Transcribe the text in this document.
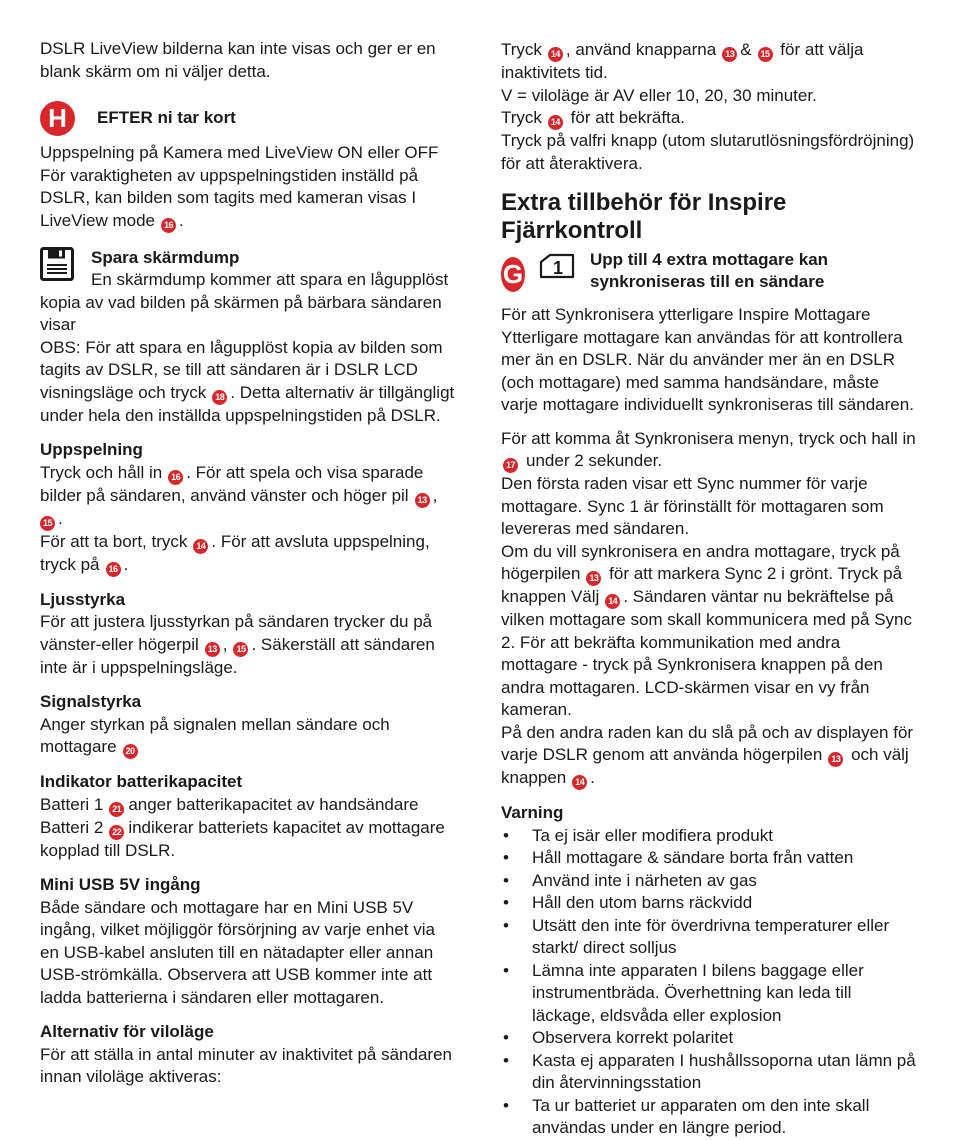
DSLR LiveView bilderna kan inte visas och ger er en blank skärm om ni väljer detta.

H	EFTER ni tar kort

Uppspelning på Kamera med LiveView ON eller OFF För varaktigheten av uppspelningstiden inställd på DSLR, kan bilden som tagits med kameran visas I LiveView mode 16 .

Spara skärmdump

En skärmdump kommer att spara en lågupplöst

kopia av vad bilden på skärmen på bärbara sändaren visar

OBS: För att spara en lågupplöst kopia av bilden som tagits av DSLR, se till att sändaren är i DSLR LCD visningsläge och tryck 18 . Detta alternativ är tillgängligt under hela den inställda uppspelningstiden på DSLR.

Uppspelning

Tryck och håll in 16 . För att spela och visa sparade bilder på sändaren, använd vänster och höger pil 13 ,
15 .
För att ta bort, tryck 14 . För att avsluta uppspelning, tryck på 16 .

Ljusstyrka

För att justera ljusstyrkan på sändaren trycker du på vänster-eller högerpil 13 , 15 . Säkerställ att sändaren inte är i uppspelningsläge.

Signalstyrka

Anger styrkan på signalen mellan sändare och mottagare 20

Indikator batterikapacitet

Batteri 1 21 anger batterikapacitet av handsändare
Batteri 2 22 indikerar batteriets kapacitet av mottagare kopplad till DSLR.

Mini USB 5V ingång

Både sändare och mottagare har en Mini USB 5V ingång, vilket möjliggör försörjning av varje enhet via en USB-kabel ansluten till en nätadapter eller annan USB-strömkälla. Observera att USB kommer inte att ladda batterierna i sändaren eller mottagaren.

Alternativ för viloläge

För att ställa in antal minuter av inaktivitet på sändaren innan viloläge aktiveras:

Tryck 14 , använd knapparna 13 & 15 för att välja inaktivitets tid.
V = viloläge är AV eller 10, 20, 30 minuter.
Tryck 14 för att bekräfta.
Tryck på valfri knapp (utom slutarutlösningsfördröjning) för att återaktivera.

Extra tillbehör för Inspire Fjärrkontroll

G 1 Upp till 4 extra mottagare kan synkroniseras till en sändare

För att Synkronisera ytterligare Inspire Mottagare Ytterligare mottagare kan användas för att kontrollera mer än en DSLR. När du använder mer än en DSLR (och mottagare) med samma handsändare, måste varje mottagare individuellt synkroniseras till sändaren.

För att komma åt Synkronisera menyn, tryck och hall in
17 under 2 sekunder.
Den första raden visar ett Sync nummer för varje mottagare. Sync 1 är förinställt för mottagaren som levereras med sändaren.
Om du vill synkronisera en andra mottagare, tryck på högerpilen 13 för att markera Sync 2 i grönt. Tryck på knappen Välj 14 . Sändaren väntar nu bekräftelse på vilken mottagare som skall kommunicera med på Sync 2. För att bekräfta kommunikation med andra mottagare - tryck på Synkronisera knappen på den andra mottagaren. LCD-skärmen visar en vy från kameran.
På den andra raden kan du slå på och av displayen för varje DSLR genom att använda högerpilen 13 och välj knappen 14 .

Varning

• Ta ej isär eller modifiera produkt
• Håll mottagare & sändare borta från vatten
• Använd inte i närheten av gas
• Håll den utom barns räckvidd
• Utsätt den inte för överdrivna temperaturer eller starkt/ direct solljus
• Lämna inte apparaten I bilens baggage eller instrumentbräda. Överhettning kan leda till läckage, eldsvåda eller explosion
• Observera korrekt polaritet
• Kasta ej apparaten I hushållssoporna utan lämn på din återvinningsstation
• Ta ur batteriet ur apparaten om den inte skall användas under en längre period.
